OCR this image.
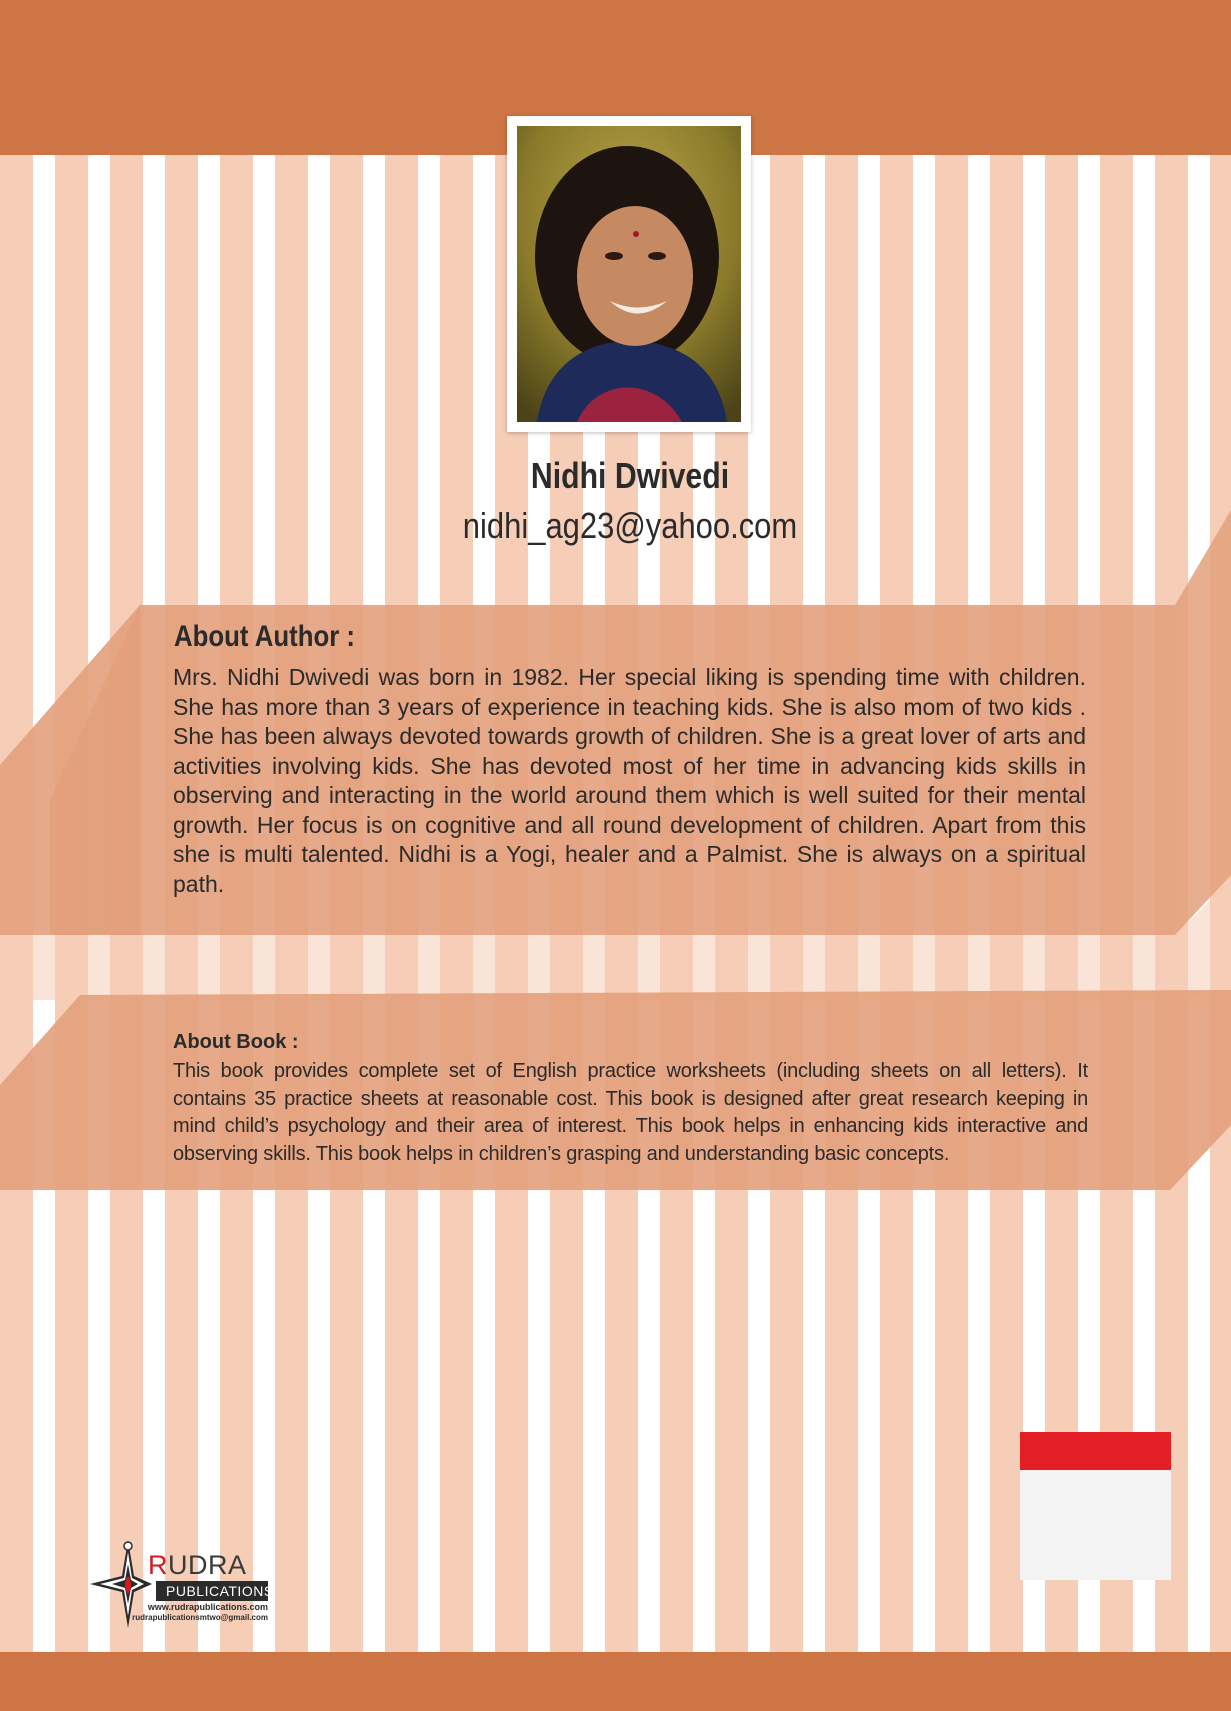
Nidhi Dwivedi
nidhi_ag23@yahoo.com
About Author :
Mrs. Nidhi Dwivedi was born in 1982. Her special liking is spending time with children. She has more than 3 years of experience in teaching kids. She is also mom of two kids . She has been always devoted towards growth of children. She is a great lover of arts and activities involving kids. She has devoted most of her time in advancing kids skills in observing and interacting in the world around them which is well suited for their mental growth. Her focus is on cognitive and all round development of children. Apart from this she is multi talented. Nidhi is a Yogi, healer and a Palmist. She is always on a spiritual path.
About Book :
This book provides complete set of English practice worksheets (including sheets on all letters). It contains 35 practice sheets at reasonable cost. This book is designed after great research keeping in mind child’s psychology and their area of interest. This book helps in enhancing kids interactive and observing skills. This book helps in children’s grasping and understanding basic concepts.
R UDRA
PUBLICATIONS
www.rudrapublications.com
rudrapublicationsmtwo@gmail.com
